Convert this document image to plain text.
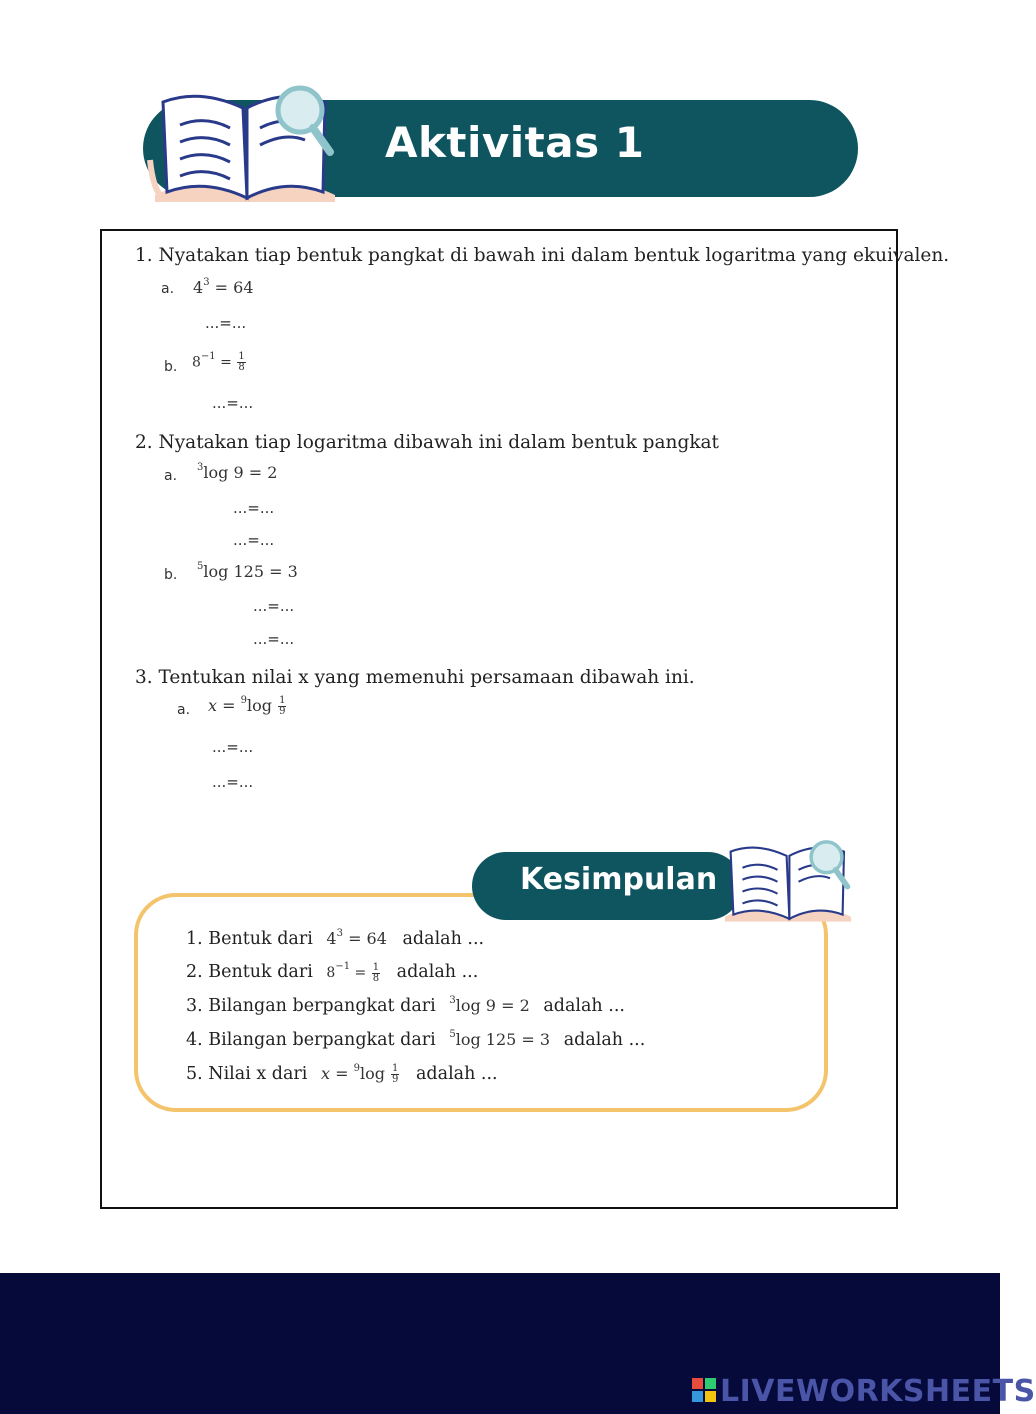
Aktivitas 1
1. Nyatakan tiap bentuk pangkat di bawah ini dalam bentuk logaritma yang ekuivalen.
a. $4^3 = 64$
...=...
b. $8^{-1} = \frac{1}{8}$
...=...
2. Nyatakan tiap logaritma dibawah ini dalam bentuk pangkat
a.
$^3$log 9 = 2
...=...
...=...
b.
$^5$log 125 = 3
...=...
...=...
3. Tentukan nilai x yang memenuhi persamaan dibawah ini.
a. $x = ^9\log \frac{1}{9}$
...=...
...=...
Kesimpulan
1. Bentuk dari $4^3 = 64$ adalah ...
2. Bentuk dari $8^{-1} = \frac{1}{8}$ adalah ...
3. Bilangan berpangkat dari $^3$log 9 = 2 adalah ...
4. Bilangan berpangkat dari $^5$log 125 = 3 adalah ...
5. Nilai x dari $x = ^9\log \frac{1}{9}$ adalah ...
LIVEWORKSHEETS
